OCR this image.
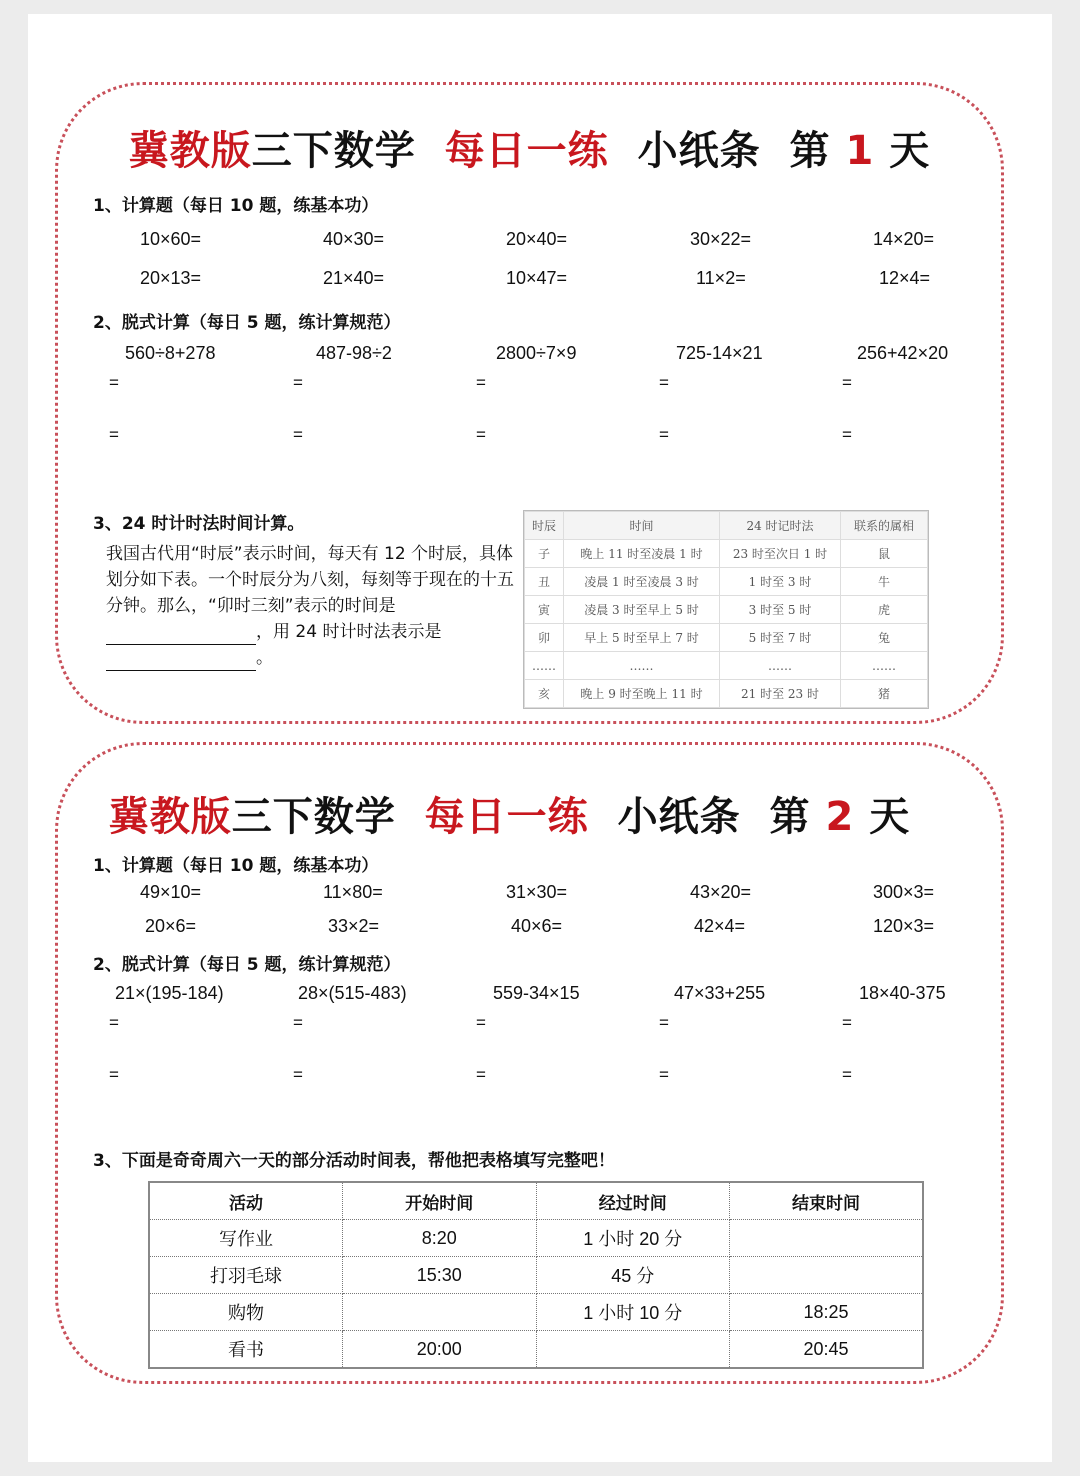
冀教版三下数学 每日一练 小纸条 第 1 天
1、计算题（每日 10 题，练基本功）
10×60=	40×30=	20×40=	30×22=	14×20=
20×13=	21×40=	10×47=	11×2=	12×4=
2、脱式计算（每日 5 题，练计算规范）
560÷8+278	487-98÷2	2800÷7×9	725-14×21	256+42×20
=	=	=	=	=
=	=	=	=	=
3、24 时计时法时间计算。
我国古代用“时辰”表示时间，每天有 12 个时辰，具体划分如下表。一个时辰分为八刻，每刻等于现在的十五分钟。那么，“卯时三刻”表示的时间是，用 24 时计时法表示是。
时辰	时间	24 时记时法	联系的属相
子	晚上 11 时至凌晨 1 时	23 时至次日 1 时	鼠
丑	凌晨 1 时至凌晨 3 时	1 时至 3 时	牛
寅	凌晨 3 时至早上 5 时	3 时至 5 时	虎
卯	早上 5 时至早上 7 时	5 时至 7 时	兔
……	……	……	……
亥	晚上 9 时至晚上 11 时	21 时至 23 时	猪
冀教版三下数学 每日一练 小纸条 第 2 天
1、计算题（每日 10 题，练基本功）
49×10=	11×80=	31×30=	43×20=	300×3=
20×6=	33×2=	40×6=	42×4=	120×3=
2、脱式计算（每日 5 题，练计算规范）
21×(195-184)	28×(515-483)	559-34×15	47×33+255	18×40-375
=	=	=	=	=
=	=	=	=	=
3、下面是奇奇周六一天的部分活动时间表，帮他把表格填写完整吧！
活动	开始时间	经过时间	结束时间
写作业	8:20	1 小时 20 分	
打羽毛球	15:30	45 分	
购物		1 小时 10 分	18:25
看书	20:00		20:45
